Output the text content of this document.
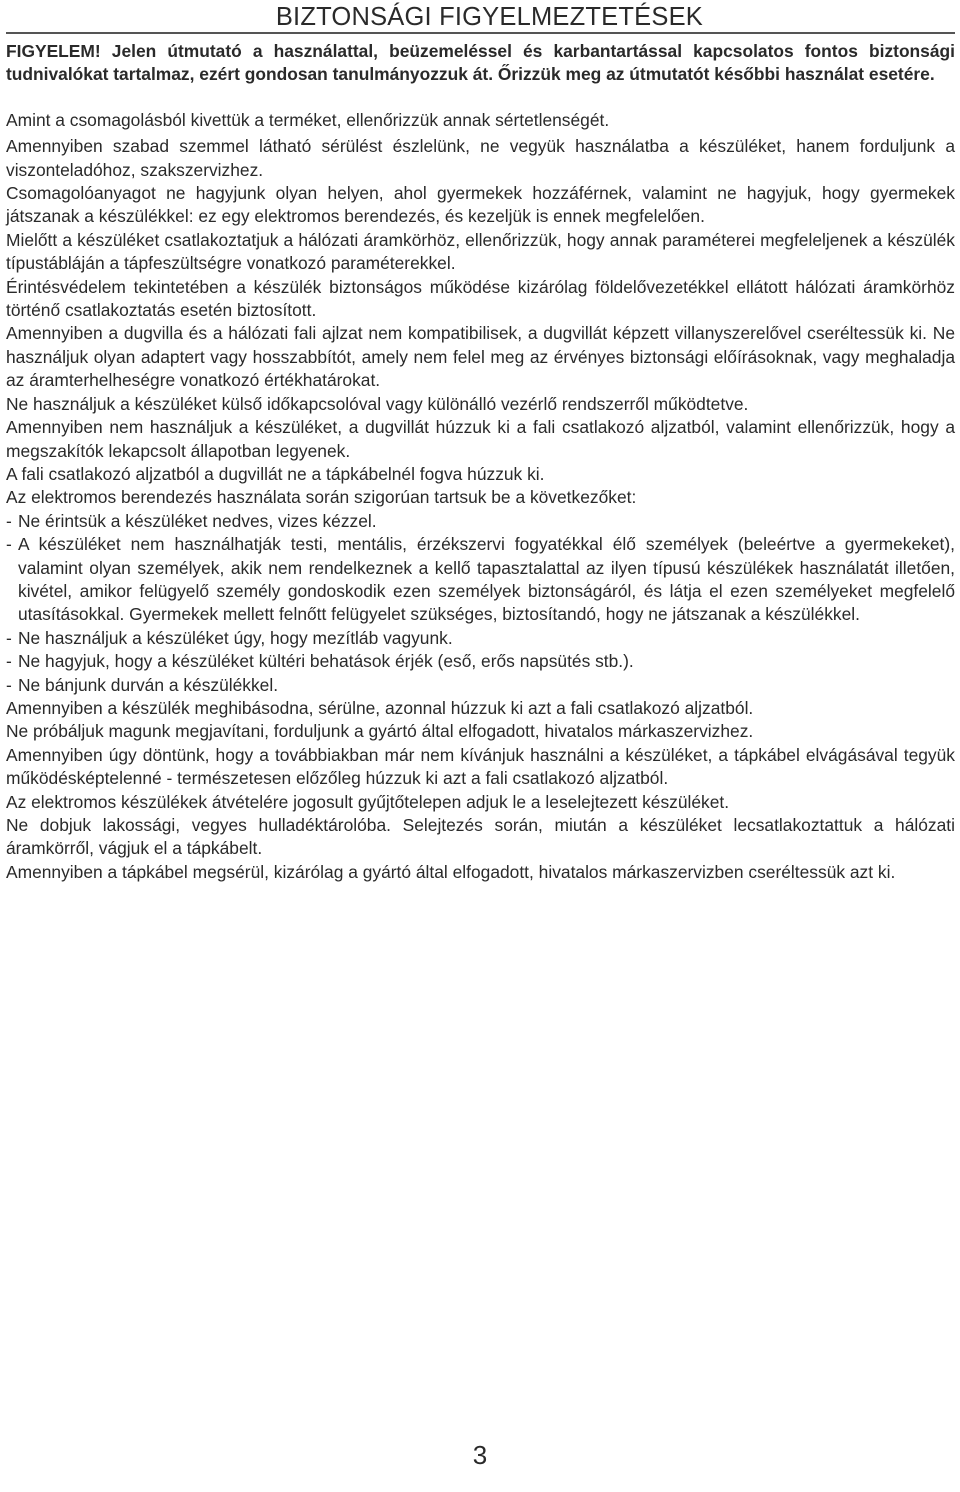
BIZTONSÁGI FIGYELMEZTETÉSEK

FIGYELEM! Jelen útmutató a használattal, beüzemeléssel és karbantartással kapcsolatos fontos biztonsági tudnivalókat tartalmaz, ezért gondosan tanulmányozzuk át. Őrizzük meg az útmutatót későbbi használat esetére.

Amint a csomagolásból kivettük a terméket, ellenőrizzük annak sértetlenségét.

Amennyiben szabad szemmel látható sérülést észlelünk, ne vegyük használatba a készüléket, hanem forduljunk a viszonteladóhoz, szakszervizhez.

Csomagolóanyagot ne hagyjunk olyan helyen, ahol gyermekek hozzáférnek, valamint ne hagyjuk, hogy gyermekek játszanak a készülékkel: ez egy elektromos berendezés, és kezeljük is ennek megfelelően.

Mielőtt a készüléket csatlakoztatjuk a hálózati áramkörhöz, ellenőrizzük, hogy annak paraméterei megfeleljenek a készülék típustábláján a tápfeszültségre vonatkozó paraméterekkel.

Érintésvédelem tekintetében a készülék biztonságos működése kizárólag földelővezetékkel ellátott hálózati áramkörhöz történő csatlakoztatás esetén biztosított.

Amennyiben a dugvilla és a hálózati fali ajlzat nem kompatibilisek, a dugvillát képzett villanyszerelővel cseréltessük ki. Ne használjuk olyan adaptert vagy hosszabbítót, amely nem felel meg az érvényes biztonsági előírásoknak, vagy meghaladja az áramterhelheségre vonatkozó értékhatárokat.

Ne használjuk a készüléket külső időkapcsolóval vagy különálló vezérlő rendszerről működtetve.

Amennyiben nem használjuk a készüléket, a dugvillát húzzuk ki a fali csatlakozó aljzatból, valamint ellenőrizzük, hogy a megszakítók lekapcsolt állapotban legyenek.

A fali csatlakozó aljzatból a dugvillát ne a tápkábelnél fogva húzzuk ki.

Az elektromos berendezés használata során szigorúan tartsuk be a következőket:

- Ne érintsük a készüléket nedves, vizes kézzel.
- A készüléket nem használhatják testi, mentális, érzékszervi fogyatékkal élő személyek (beleértve a gyermekeket), valamint olyan személyek, akik nem rendelkeznek a kellő tapasztalattal az ilyen típusú készülékek használatát illetően, kivétel, amikor felügyelő személy gondoskodik ezen személyek biztonságáról, és látja el ezen személyeket megfelelő utasításokkal. Gyermekek mellett felnőtt felügyelet szükséges, biztosítandó, hogy ne játszanak a készülékkel.
- Ne használjuk a készüléket úgy, hogy mezítláb vagyunk.
- Ne hagyjuk, hogy a készüléket kültéri behatások érjék (eső, erős napsütés stb.).
- Ne bánjunk durván a készülékkel.

Amennyiben a készülék meghibásodna, sérülne, azonnal húzzuk ki azt a fali csatlakozó aljzatból.

Ne próbáljuk magunk megjavítani, forduljunk a gyártó által elfogadott, hivatalos márkaszervizhez.

Amennyiben úgy döntünk, hogy a továbbiakban már nem kívánjuk használni a készüléket, a tápkábel elvágásával tegyük működésképtelenné - természetesen előzőleg húzzuk ki azt a fali csatlakozó aljzatból.

Az elektromos készülékek átvételére jogosult gyűjtőtelepen adjuk le a leselejtezett készüléket.

Ne dobjuk lakossági, vegyes hulladéktárolóba. Selejtezés során, miután a készüléket lecsatlakoztattuk a hálózati áramkörről, vágjuk el a tápkábelt.

Amennyiben a tápkábel megsérül, kizárólag a gyártó által elfogadott, hivatalos márkaszervizben cseréltessük azt ki.

3
